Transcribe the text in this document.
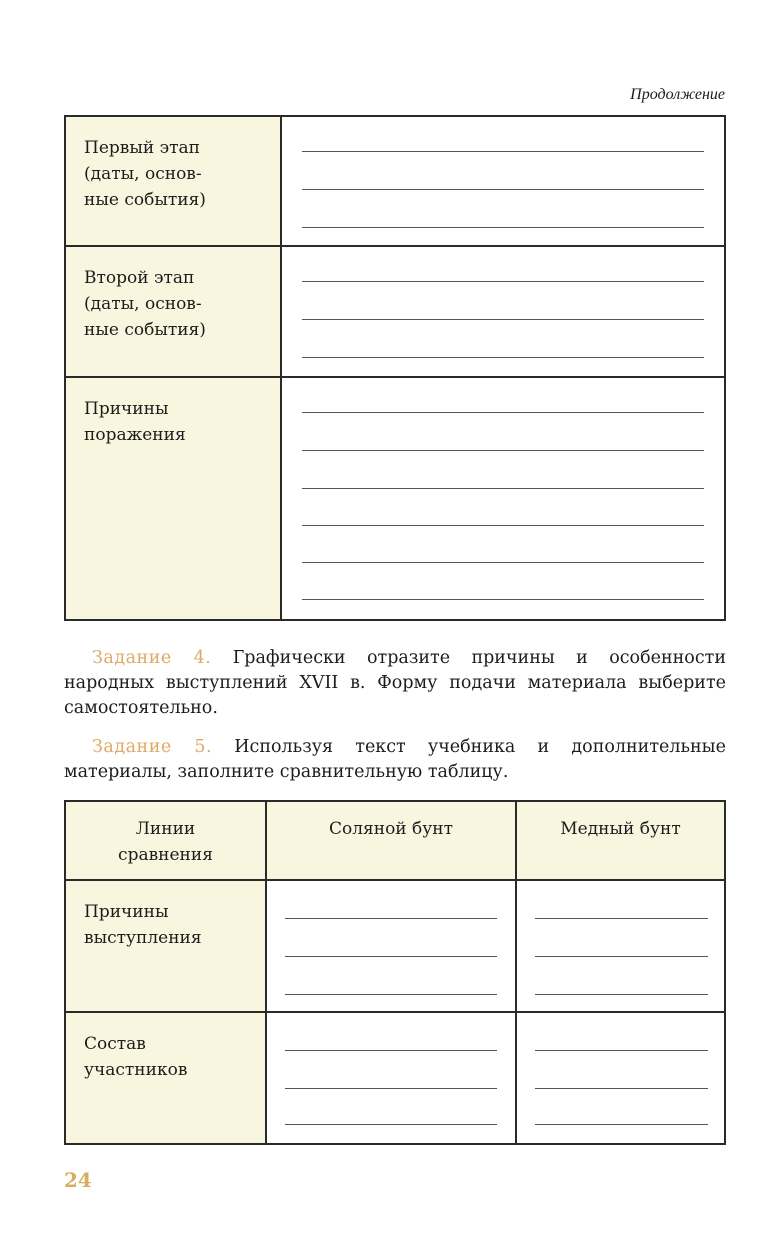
Продолжение
Первый этап
(даты, основ-
ные события)	

Второй этап
(даты, основ-
ные события)	

Причины
поражения	

Задание 4. Графически отразите причины и особенности народных выступлений XVII в. Форму подачи материала выберите самостоятельно.

Задание 5. Используя текст учебника и дополнительные материалы, заполните сравнительную таблицу.

Линии
сравнения	Соляной бунт	Медный бунт
Причины
выступления	

Состав
участников	

24
